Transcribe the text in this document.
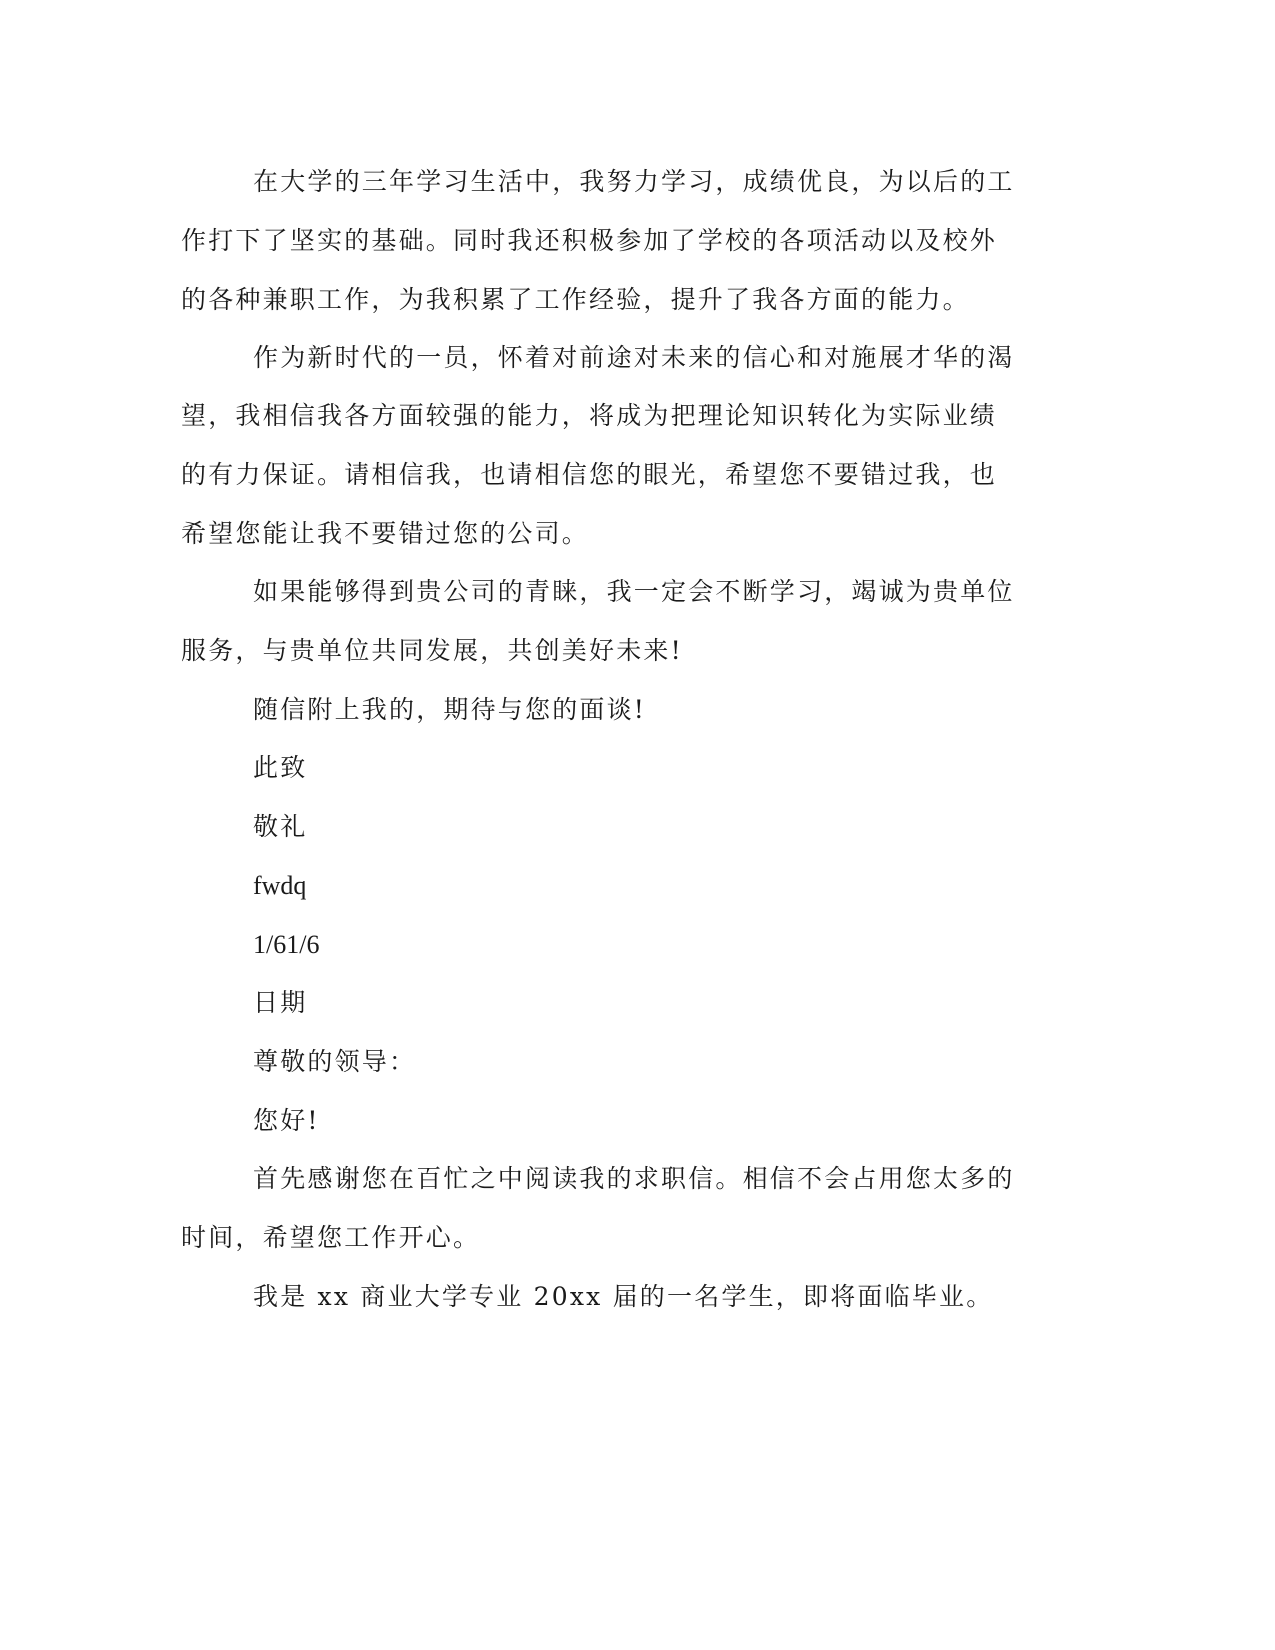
在大学的三年学习生活中，我努力学习，成绩优良，为以后的工
作打下了坚实的基础。同时我还积极参加了学校的各项活动以及校外
的各种兼职工作，为我积累了工作经验，提升了我各方面的能力。
作为新时代的一员，怀着对前途对未来的信心和对施展才华的渴
望，我相信我各方面较强的能力，将成为把理论知识转化为实际业绩
的有力保证。请相信我，也请相信您的眼光，希望您不要错过我，也
希望您能让我不要错过您的公司。
如果能够得到贵公司的青睐，我一定会不断学习，竭诚为贵单位
服务，与贵单位共同发展，共创美好未来!
随信附上我的，期待与您的面谈!
此致
敬礼
fwdq
1/61/6
日期
尊敬的领导：
您好!
首先感谢您在百忙之中阅读我的求职信。相信不会占用您太多的
时间，希望您工作开心。
我是 xx 商业大学专业 20xx 届的一名学生，即将面临毕业。
